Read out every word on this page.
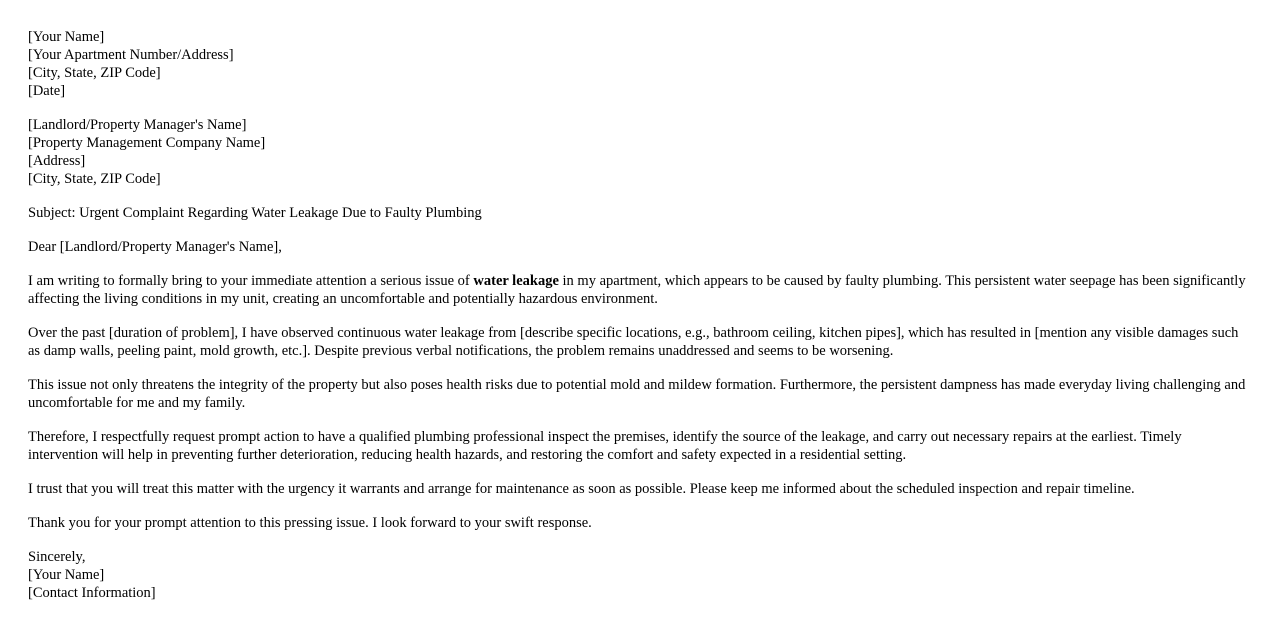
[Your Name]
[Your Apartment Number/Address]
[City, State, ZIP Code]
[Date]
[Landlord/Property Manager's Name]
[Property Management Company Name]
[Address]
[City, State, ZIP Code]

Subject: Urgent Complaint Regarding Water Leakage Due to Faulty Plumbing

Dear [Landlord/Property Manager's Name],

I am writing to formally bring to your immediate attention a serious issue of water leakage in my apartment, which appears to be caused by faulty plumbing. This persistent water seepage has been significantly affecting the living conditions in my unit, creating an uncomfortable and potentially hazardous environment.

Over the past [duration of problem], I have observed continuous water leakage from [describe specific locations, e.g., bathroom ceiling, kitchen pipes], which has resulted in [mention any visible damages such as damp walls, peeling paint, mold growth, etc.]. Despite previous verbal notifications, the problem remains unaddressed and seems to be worsening.

This issue not only threatens the integrity of the property but also poses health risks due to potential mold and mildew formation. Furthermore, the persistent dampness has made everyday living challenging and uncomfortable for me and my family.

Therefore, I respectfully request prompt action to have a qualified plumbing professional inspect the premises, identify the source of the leakage, and carry out necessary repairs at the earliest. Timely intervention will help in preventing further deterioration, reducing health hazards, and restoring the comfort and safety expected in a residential setting.

I trust that you will treat this matter with the urgency it warrants and arrange for maintenance as soon as possible. Please keep me informed about the scheduled inspection and repair timeline.

Thank you for your prompt attention to this pressing issue. I look forward to your swift response.

Sincerely,
[Your Name]
[Contact Information]
